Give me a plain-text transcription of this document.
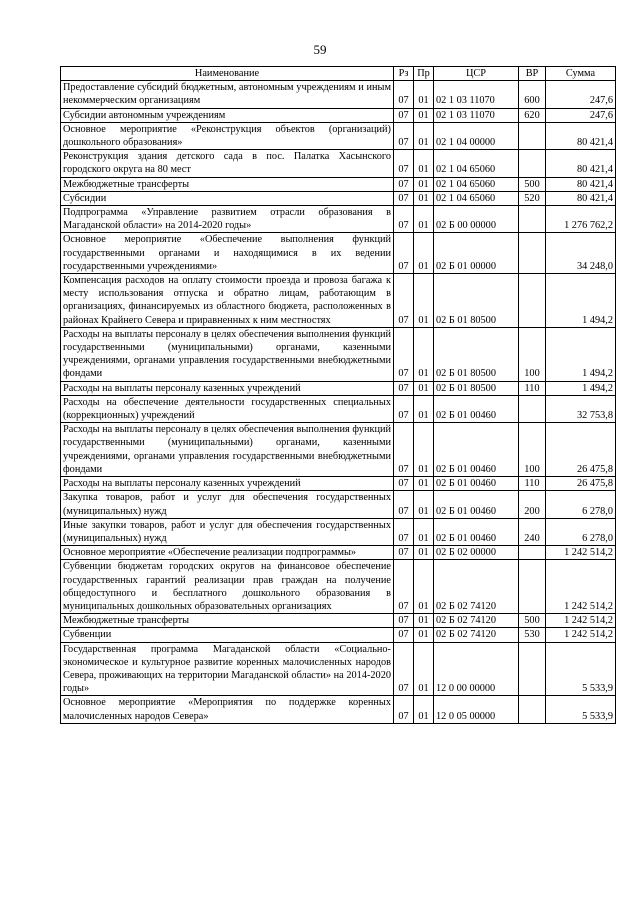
59
Наименование	Рз	Пр	ЦСР	ВР	Сумма
Предоставление субсидий бюджетным, автономным учреждениям и иным некоммерческим организациям	07	01	02 1 03 11070	600	247,6
Субсидии автономным учреждениям	07	01	02 1 03 11070	620	247,6
Основное мероприятие «Реконструкция объектов (организаций) дошкольного образования»	07	01	02 1 04 00000		80 421,4
Реконструкция здания детского сада в пос. Палатка Хасынского городского округа на 80 мест	07	01	02 1 04 65060		80 421,4
Межбюджетные трансферты	07	01	02 1 04 65060	500	80 421,4
Субсидии	07	01	02 1 04 65060	520	80 421,4
Подпрограмма «Управление развитием отрасли образования в Магаданской области» на 2014-2020 годы»	07	01	02 Б 00 00000		1 276 762,2
Основное мероприятие «Обеспечение выполнения функций государственными органами и находящимися в их ведении государственными учреждениями»	07	01	02 Б 01 00000		34 248,0
Компенсация расходов на оплату стоимости проезда и провоза багажа к месту использования отпуска и обратно лицам, работающим в организациях, финансируемых из областного бюджета, расположенных в районах Крайнего Севера и приравненных к ним местностях	07	01	02 Б 01 80500		1 494,2
Расходы на выплаты персоналу в целях обеспечения выполнения функций государственными (муниципальными) органами, казенными учреждениями, органами управления государственными внебюджетными фондами	07	01	02 Б 01 80500	100	1 494,2
Расходы на выплаты персоналу казенных учреждений	07	01	02 Б 01 80500	110	1 494,2
Расходы на обеспечение деятельности государственных специальных (коррекционных) учреждений	07	01	02 Б 01 00460		32 753,8
Расходы на выплаты персоналу в целях обеспечения выполнения функций государственными (муниципальными) органами, казенными учреждениями, органами управления государственными внебюджетными фондами	07	01	02 Б 01 00460	100	26 475,8
Расходы на выплаты персоналу казенных учреждений	07	01	02 Б 01 00460	110	26 475,8
Закупка товаров, работ и услуг для обеспечения государственных (муниципальных) нужд	07	01	02 Б 01 00460	200	6 278,0
Иные закупки товаров, работ и услуг для обеспечения государственных (муниципальных) нужд	07	01	02 Б 01 00460	240	6 278,0
Основное мероприятие «Обеспечение реализации подпрограммы»	07	01	02 Б 02 00000		1 242 514,2
Субвенции бюджетам городских округов на финансовое обеспечение государственных гарантий реализации прав граждан на получение общедоступного и бесплатного дошкольного образования в муниципальных дошкольных образовательных организациях	07	01	02 Б 02 74120		1 242 514,2
Межбюджетные трансферты	07	01	02 Б 02 74120	500	1 242 514,2
Субвенции	07	01	02 Б 02 74120	530	1 242 514,2
Государственная программа Магаданской области «Социально-экономическое и культурное развитие коренных малочисленных народов Севера, проживающих на территории Магаданской области» на 2014-2020 годы»	07	01	12 0 00 00000		5 533,9
Основное мероприятие «Мероприятия по поддержке коренных малочисленных народов Севера»	07	01	12 0 05 00000		5 533,9
